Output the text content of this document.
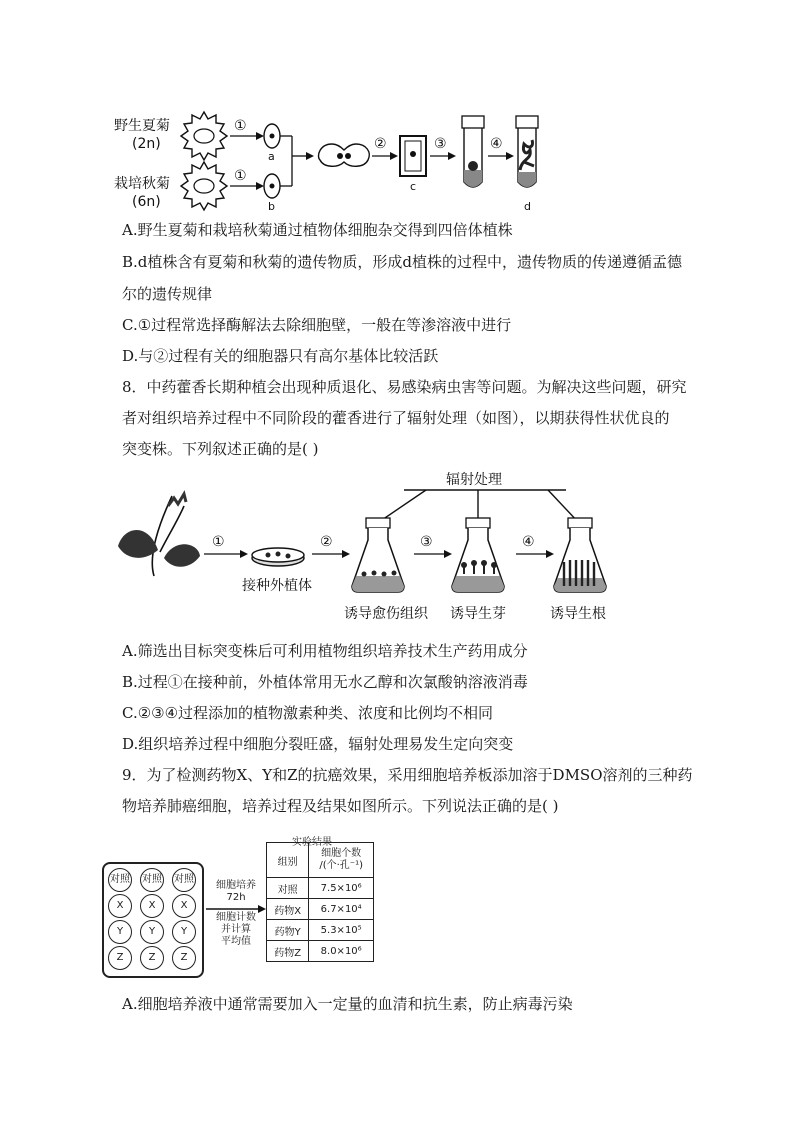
野生夏菊
(2n)
栽培秋菊
(6n)
①
①
a
b
②
c
③	④
d
A.野生夏菊和栽培秋菊通过植物体细胞杂交得到四倍体植株
B.d植株含有夏菊和秋菊的遗传物质，形成d植株的过程中，遗传物质的传递遵循孟德
尔的遗传规律
C.①过程常选择酶解法去除细胞壁，一般在等渗溶液中进行
D.与②过程有关的细胞器只有高尔基体比较活跃
8．中药藿香长期种植会出现种质退化、易感染病虫害等问题。为解决这些问题，研究
者对组织培养过程中不同阶段的藿香进行了辐射处理（如图），以期获得性状优良的
突变株。下列叙述正确的是( )
辐射处理
①
接种外植体
②
诱导愈伤组织
③
诱导生芽
④
诱导生根
A.筛选出目标突变株后可利用植物组织培养技术生产药用成分
B.过程①在接种前，外植体常用无水乙醇和次氯酸钠溶液消毒
C.②③④过程添加的植物激素种类、浓度和比例均不相同
D.组织培养过程中细胞分裂旺盛，辐射处理易发生定向突变
9．为了检测药物X、Y和Z的抗癌效果，采用细胞培养板添加溶于DMSO溶剂的三种药
物培养肺癌细胞，培养过程及结果如图所示。下列说法正确的是( )
对照 对照 对照
X	X	X
Y	Y	Y
Z	Z	Z
细胞培养
72h
细胞计数
并计算
平均值
实验结果
组别	细胞个数
/(个·孔⁻¹)

对照	7.5×10⁶
药物X	6.7×10⁴
药物Y	5.3×10⁵
药物Z	8.0×10⁶
A.细胞培养液中通常需要加入一定量的血清和抗生素，防止病毒污染
